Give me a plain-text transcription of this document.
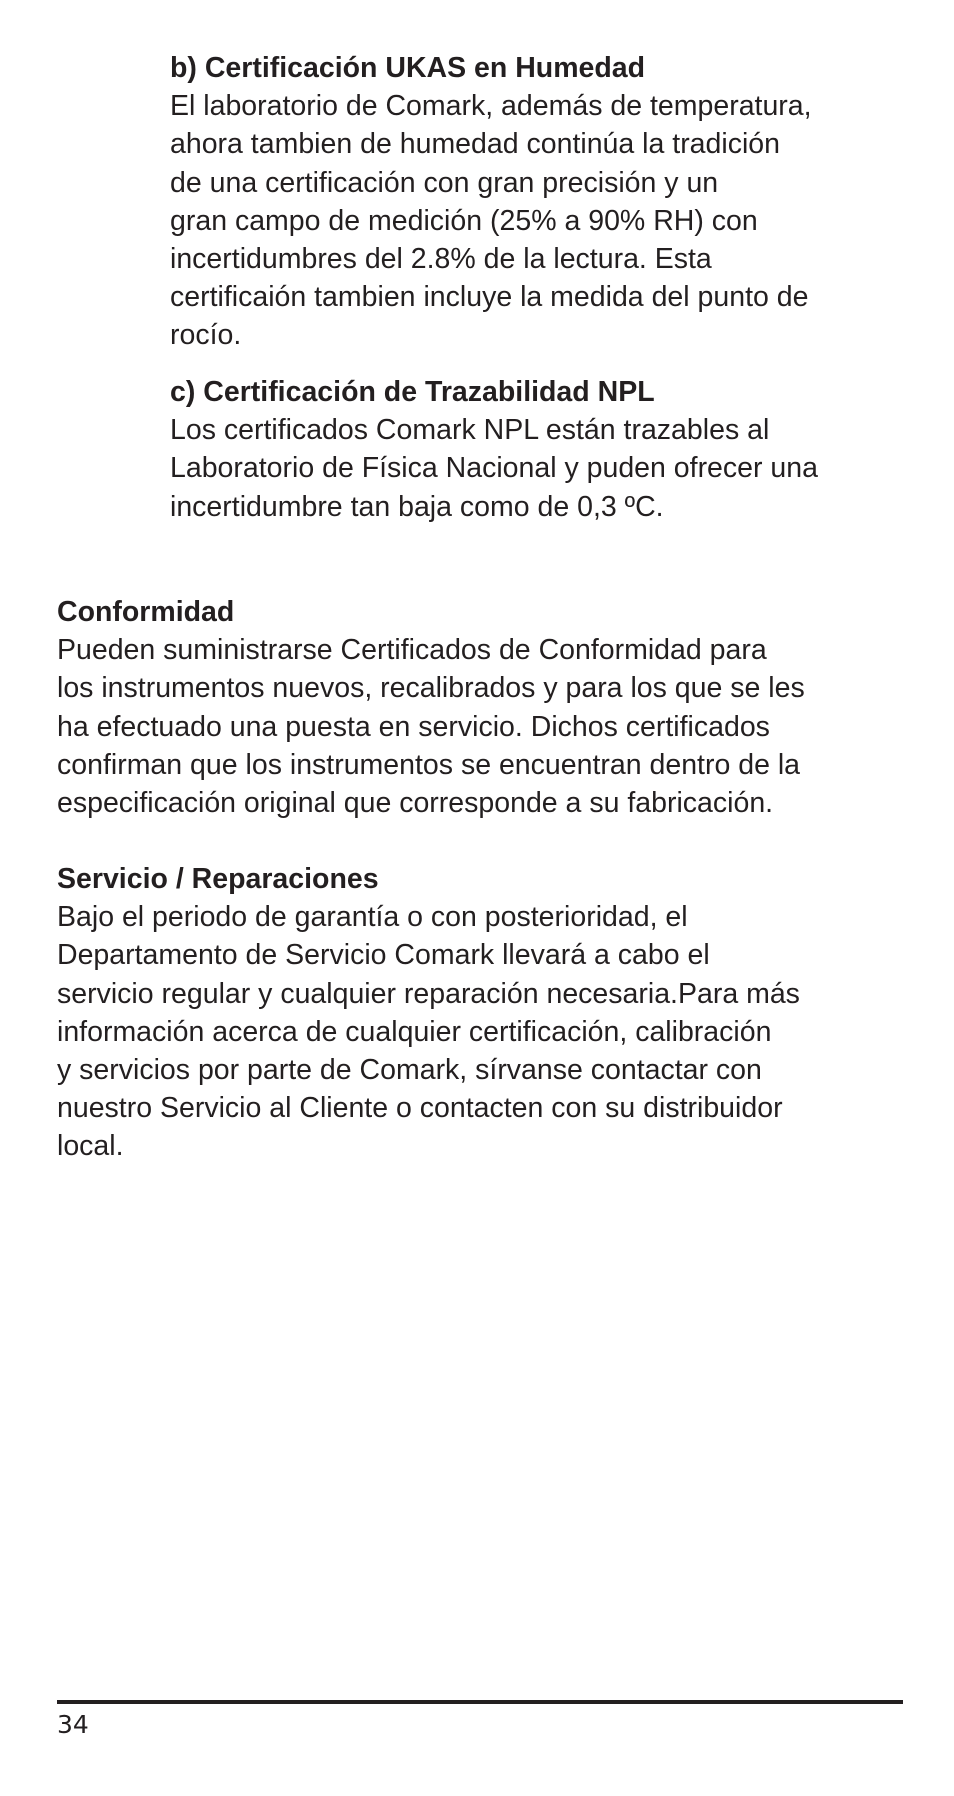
b) Certificación UKAS en Humedad
El laboratorio de Comark, además de temperatura,
ahora tambien de humedad continúa la tradición
de una certificación con gran precisión y un
gran campo de medición (25% a 90% RH) con
incertidumbres del 2.8% de la lectura. Esta
certificaión tambien incluye la medida del punto de
rocío.
c) Certificación de Trazabilidad NPL
Los certificados Comark NPL están trazables al
Laboratorio de Física Nacional y puden ofrecer una
incertidumbre tan baja como de 0,3 ºC.
Conformidad
Pueden suministrarse Certificados de Conformidad para
los instrumentos nuevos, recalibrados y para los que se les
ha efectuado una puesta en servicio. Dichos certificados
confirman que los instrumentos se encuentran dentro de la
especificación original que corresponde a su fabricación.
Servicio / Reparaciones
Bajo el periodo de garantía o con posterioridad, el
Departamento de Servicio Comark llevará a cabo el
servicio regular y cualquier reparación necesaria.Para más
información acerca de cualquier certificación, calibración
y servicios por parte de Comark, sírvanse contactar con
nuestro Servicio al Cliente o contacten con su distribuidor
local.
34
